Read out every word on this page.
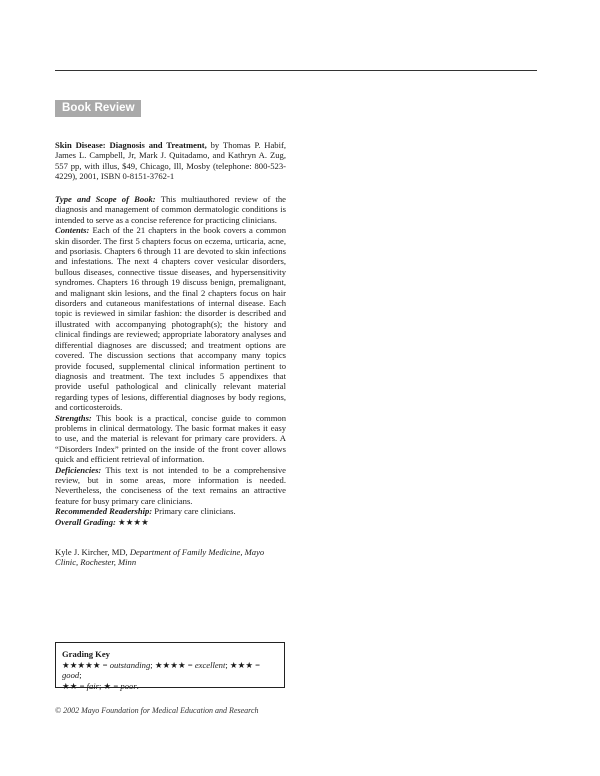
Book Review
Skin Disease: Diagnosis and Treatment, by Thomas P. Habif, James L. Campbell, Jr, Mark J. Quitadamo, and Kathryn A. Zug, 557 pp, with illus, $49, Chicago, Ill, Mosby (telephone: 800-523-4229), 2001, ISBN 0-8151-3762-1

Type and Scope of Book: This multiauthored review of the diagnosis and management of common dermatologic conditions is intended to serve as a concise reference for practicing clinicians.

Contents: Each of the 21 chapters in the book covers a common skin disorder. The first 5 chapters focus on eczema, urticaria, acne, and psoriasis. Chapters 6 through 11 are devoted to skin infections and infestations. The next 4 chapters cover vesicular disorders, bullous diseases, connective tissue diseases, and hypersensitivity syndromes. Chapters 16 through 19 discuss benign, premalignant, and malignant skin lesions, and the final 2 chapters focus on hair disorders and cutaneous manifestations of internal disease. Each topic is reviewed in similar fashion: the disorder is described and illustrated with accompanying photograph(s); the history and clinical findings are reviewed; appropriate laboratory analyses and differential diagnoses are discussed; and treatment options are covered. The discussion sections that accompany many topics provide focused, supplemental clinical information pertinent to diagnosis and treatment. The text includes 5 appendixes that provide useful pathological and clinically relevant material regarding types of lesions, differential diagnoses by body regions, and corticosteroids.

Strengths: This book is a practical, concise guide to common problems in clinical dermatology. The basic format makes it easy to use, and the material is relevant for primary care providers. A “Disorders Index” printed on the inside of the front cover allows quick and efficient retrieval of information.

Deficiencies: This text is not intended to be a comprehensive review, but in some areas, more information is needed. Nevertheless, the conciseness of the text remains an attractive feature for busy primary care clinicians.

Recommended Readership: Primary care clinicians.

Overall Grading: ★★★★

Kyle J. Kircher, MD, Department of Family Medicine, Mayo Clinic, Rochester, Minn
Grading Key
★★★★★ = outstanding; ★★★★ = excellent; ★★★ = good;
★★ = fair; ★ = poor.
© 2002 Mayo Foundation for Medical Education and Research
